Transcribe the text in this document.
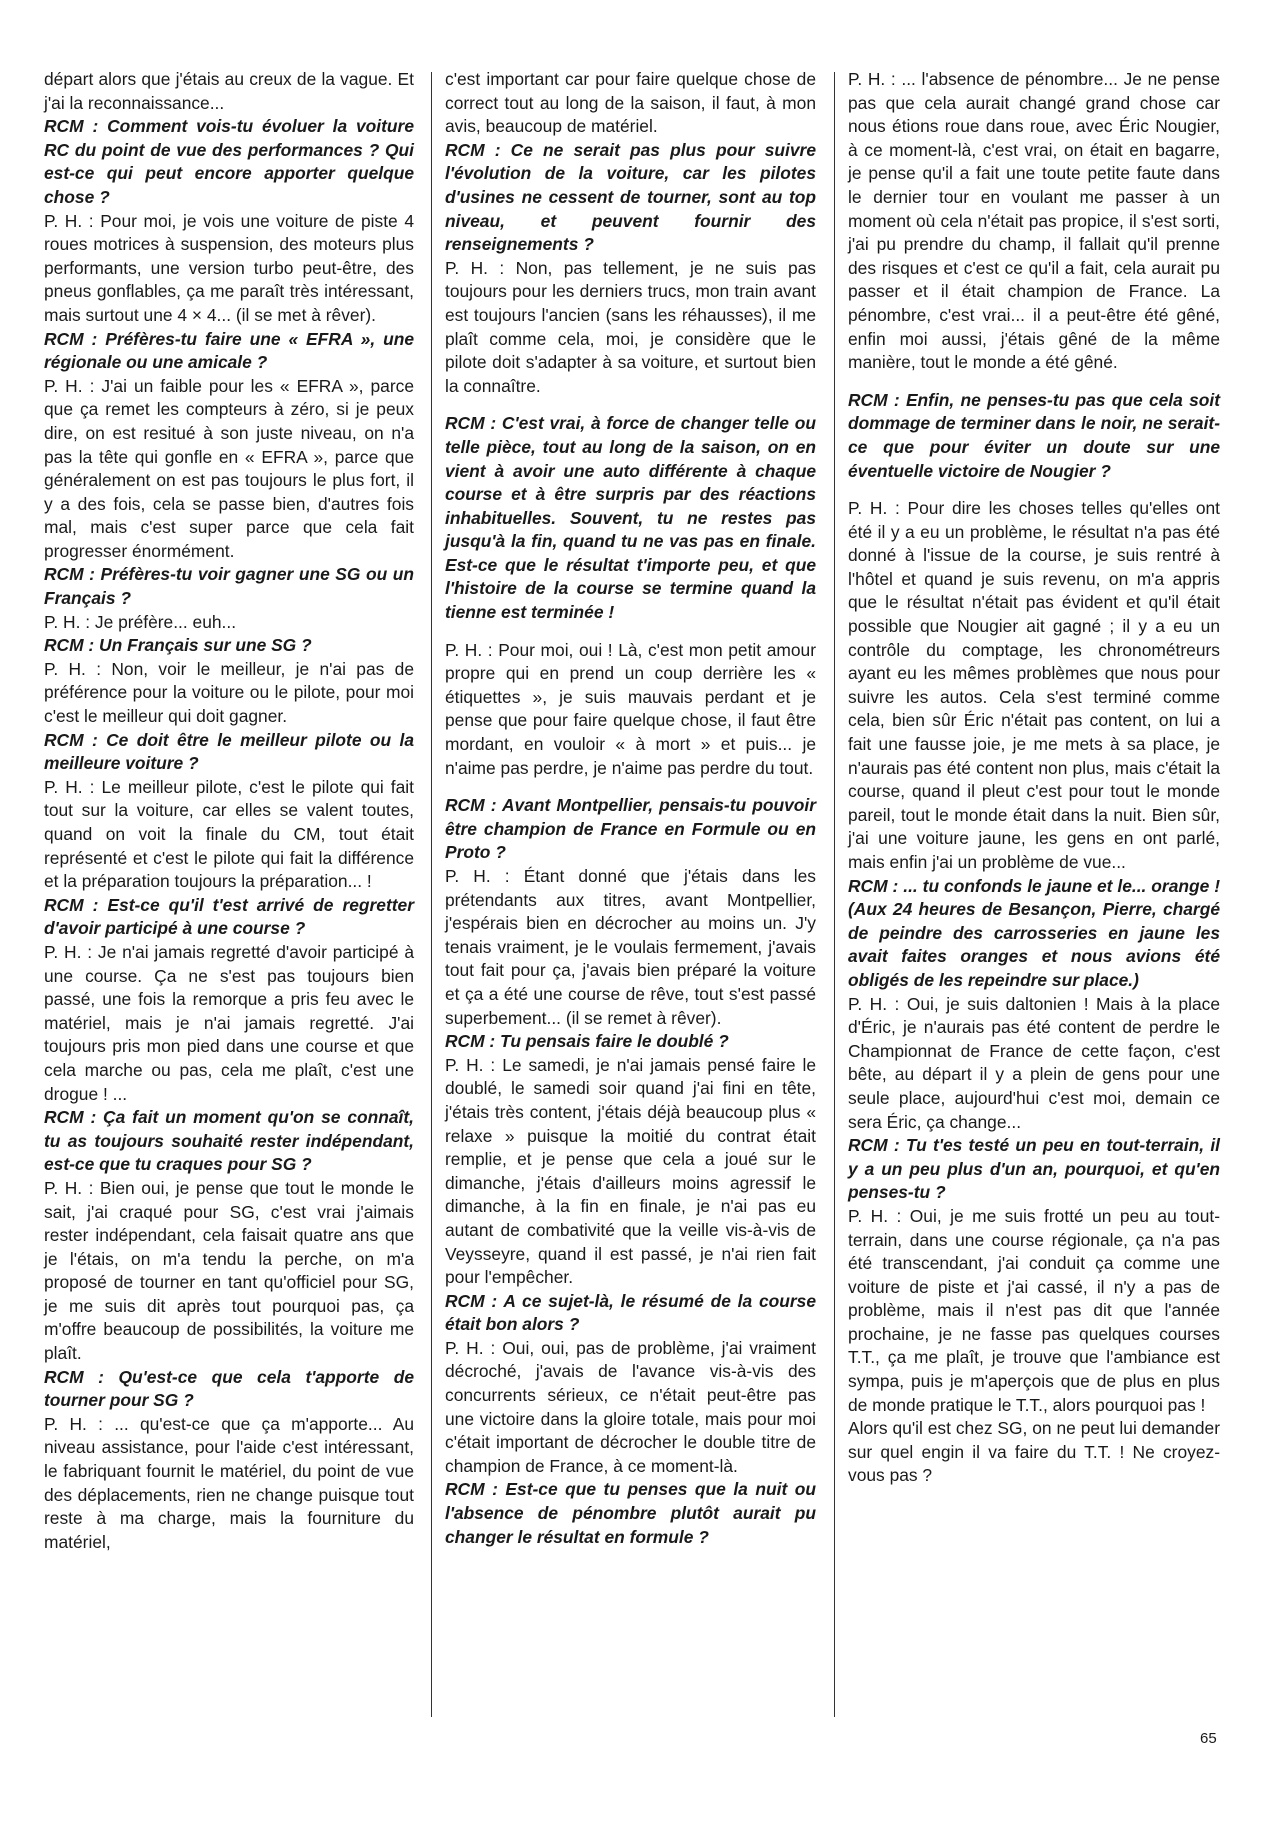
départ alors que j'étais au creux de la vague. Et j'ai la reconnaissance...

RCM : Comment vois-tu évoluer la voiture RC du point de vue des performances ? Qui est-ce qui peut encore apporter quelque chose ?

P. H. : Pour moi, je vois une voiture de piste 4 roues motrices à suspension, des moteurs plus performants, une version turbo peut-être, des pneus gonflables, ça me paraît très intéressant, mais surtout une 4 × 4... (il se met à rêver).

RCM : Préfères-tu faire une « EFRA », une régionale ou une amicale ?

P. H. : J'ai un faible pour les « EFRA », parce que ça remet les compteurs à zéro, si je peux dire, on est resitué à son juste niveau, on n'a pas la tête qui gonfle en « EFRA », parce que généralement on est pas toujours le plus fort, il y a des fois, cela se passe bien, d'autres fois mal, mais c'est super parce que cela fait progresser énormément.

RCM : Préfères-tu voir gagner une SG ou un Français ?

P. H. : Je préfère... euh...

RCM : Un Français sur une SG ?

P. H. : Non, voir le meilleur, je n'ai pas de préférence pour la voiture ou le pilote, pour moi c'est le meilleur qui doit gagner.

RCM : Ce doit être le meilleur pilote ou la meilleure voiture ?

P. H. : Le meilleur pilote, c'est le pilote qui fait tout sur la voiture, car elles se valent toutes, quand on voit la finale du CM, tout était représenté et c'est le pilote qui fait la différence et la préparation toujours la préparation... !

RCM : Est-ce qu'il t'est arrivé de regretter d'avoir participé à une course ?

P. H. : Je n'ai jamais regretté d'avoir participé à une course. Ça ne s'est pas toujours bien passé, une fois la remorque a pris feu avec le matériel, mais je n'ai jamais regretté. J'ai toujours pris mon pied dans une course et que cela marche ou pas, cela me plaît, c'est une drogue ! ...

RCM : Ça fait un moment qu'on se connaît, tu as toujours souhaité rester indépendant, est-ce que tu craques pour SG ?

P. H. : Bien oui, je pense que tout le monde le sait, j'ai craqué pour SG, c'est vrai j'aimais rester indépendant, cela faisait quatre ans que je l'étais, on m'a tendu la perche, on m'a proposé de tourner en tant qu'officiel pour SG, je me suis dit après tout pourquoi pas, ça m'offre beaucoup de possibilités, la voiture me plaît.

RCM : Qu'est-ce que cela t'apporte de tourner pour SG ?

P. H. : ... qu'est-ce que ça m'apporte... Au niveau assistance, pour l'aide c'est intéressant, le fabriquant fournit le matériel, du point de vue des déplacements, rien ne change puisque tout reste à ma charge, mais la fourniture du matériel,

c'est important car pour faire quelque chose de correct tout au long de la saison, il faut, à mon avis, beaucoup de matériel.

RCM : Ce ne serait pas plus pour suivre l'évolution de la voiture, car les pilotes d'usines ne cessent de tourner, sont au top niveau, et peuvent fournir des renseignements ?

P. H. : Non, pas tellement, je ne suis pas toujours pour les derniers trucs, mon train avant est toujours l'ancien (sans les réhausses), il me plaît comme cela, moi, je considère que le pilote doit s'adapter à sa voiture, et surtout bien la connaître.

RCM : C'est vrai, à force de changer telle ou telle pièce, tout au long de la saison, on en vient à avoir une auto différente à chaque course et à être surpris par des réactions inhabituelles. Souvent, tu ne restes pas jusqu'à la fin, quand tu ne vas pas en finale. Est-ce que le résultat t'importe peu, et que l'histoire de la course se termine quand la tienne est terminée !

P. H. : Pour moi, oui ! Là, c'est mon petit amour propre qui en prend un coup derrière les « étiquettes », je suis mauvais perdant et je pense que pour faire quelque chose, il faut être mordant, en vouloir « à mort » et puis... je n'aime pas perdre, je n'aime pas perdre du tout.

RCM : Avant Montpellier, pensais-tu pouvoir être champion de France en Formule ou en Proto ?

P. H. : Étant donné que j'étais dans les prétendants aux titres, avant Montpellier, j'espérais bien en décrocher au moins un. J'y tenais vraiment, je le voulais fermement, j'avais tout fait pour ça, j'avais bien préparé la voiture et ça a été une course de rêve, tout s'est passé superbement... (il se remet à rêver).

RCM : Tu pensais faire le doublé ?

P. H. : Le samedi, je n'ai jamais pensé faire le doublé, le samedi soir quand j'ai fini en tête, j'étais très content, j'étais déjà beaucoup plus « relaxe » puisque la moitié du contrat était remplie, et je pense que cela a joué sur le dimanche, j'étais d'ailleurs moins agressif le dimanche, à la fin en finale, je n'ai pas eu autant de combativité que la veille vis-à-vis de Veysseyre, quand il est passé, je n'ai rien fait pour l'empêcher.

RCM : A ce sujet-là, le résumé de la course était bon alors ?

P. H. : Oui, oui, pas de problème, j'ai vraiment décroché, j'avais de l'avance vis-à-vis des concurrents sérieux, ce n'était peut-être pas une victoire dans la gloire totale, mais pour moi c'était important de décrocher le double titre de champion de France, à ce moment-là.

RCM : Est-ce que tu penses que la nuit ou l'absence de pénombre plutôt aurait pu changer le résultat en formule ?

P. H. : ... l'absence de pénombre... Je ne pense pas que cela aurait changé grand chose car nous étions roue dans roue, avec Éric Nougier, à ce moment-là, c'est vrai, on était en bagarre, je pense qu'il a fait une toute petite faute dans le dernier tour en voulant me passer à un moment où cela n'était pas propice, il s'est sorti, j'ai pu prendre du champ, il fallait qu'il prenne des risques et c'est ce qu'il a fait, cela aurait pu passer et il était champion de France. La pénombre, c'est vrai... il a peut-être été gêné, enfin moi aussi, j'étais gêné de la même manière, tout le monde a été gêné.

RCM : Enfin, ne penses-tu pas que cela soit dommage de terminer dans le noir, ne serait-ce que pour éviter un doute sur une éventuelle victoire de Nougier ?

P. H. : Pour dire les choses telles qu'elles ont été il y a eu un problème, le résultat n'a pas été donné à l'issue de la course, je suis rentré à l'hôtel et quand je suis revenu, on m'a appris que le résultat n'était pas évident et qu'il était possible que Nougier ait gagné ; il y a eu un contrôle du comptage, les chronométreurs ayant eu les mêmes problèmes que nous pour suivre les autos. Cela s'est terminé comme cela, bien sûr Éric n'était pas content, on lui a fait une fausse joie, je me mets à sa place, je n'aurais pas été content non plus, mais c'était la course, quand il pleut c'est pour tout le monde pareil, tout le monde était dans la nuit. Bien sûr, j'ai une voiture jaune, les gens en ont parlé, mais enfin j'ai un problème de vue...

RCM : ... tu confonds le jaune et le... orange ! (Aux 24 heures de Besançon, Pierre, chargé de peindre des carrosseries en jaune les avait faites oranges et nous avions été obligés de les repeindre sur place.)

P. H. : Oui, je suis daltonien ! Mais à la place d'Éric, je n'aurais pas été content de perdre le Championnat de France de cette façon, c'est bête, au départ il y a plein de gens pour une seule place, aujourd'hui c'est moi, demain ce sera Éric, ça change...

RCM : Tu t'es testé un peu en tout-terrain, il y a un peu plus d'un an, pourquoi, et qu'en penses-tu ?

P. H. : Oui, je me suis frotté un peu au tout-terrain, dans une course régionale, ça n'a pas été transcendant, j'ai conduit ça comme une voiture de piste et j'ai cassé, il n'y a pas de problème, mais il n'est pas dit que l'année prochaine, je ne fasse pas quelques courses T.T., ça me plaît, je trouve que l'ambiance est sympa, puis je m'aperçois que de plus en plus de monde pratique le T.T., alors pourquoi pas !

Alors qu'il est chez SG, on ne peut lui demander sur quel engin il va faire du T.T. ! Ne croyez-vous pas ?

65
